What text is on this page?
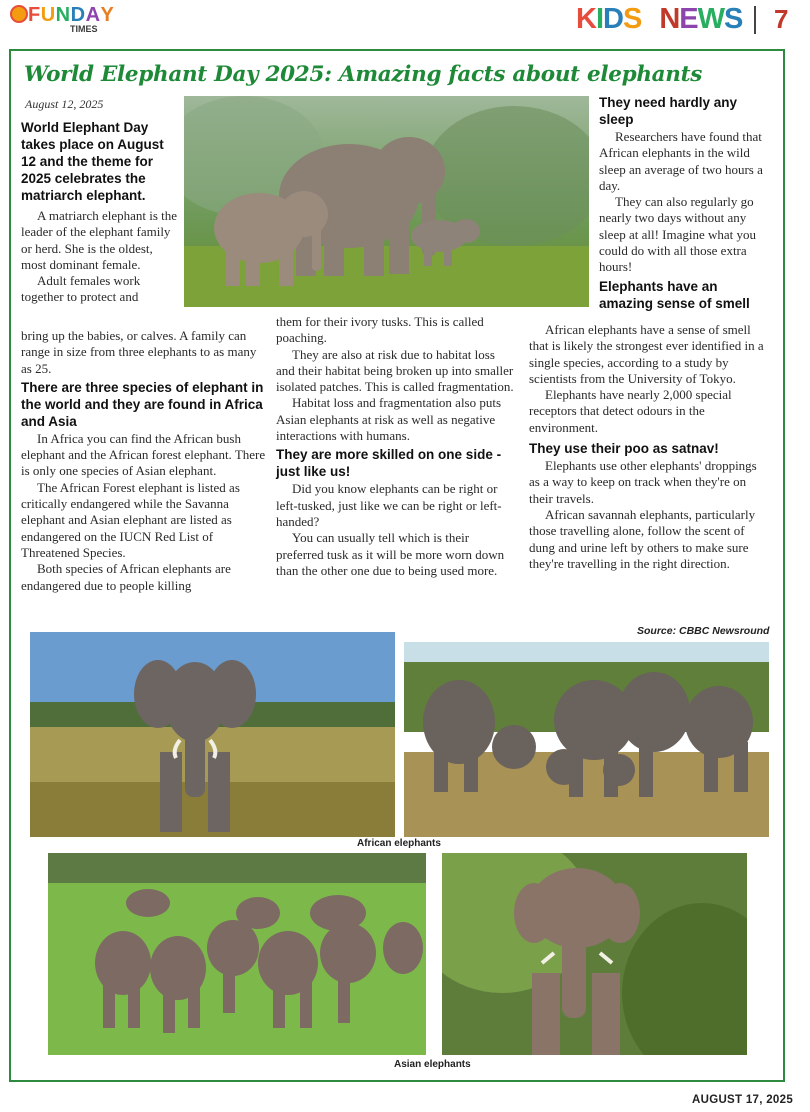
FUNDAY
TIMES	KIDS NEWS 7
World Elephant Day 2025: Amazing facts about elephants
August 12, 2025

World Elephant Day takes place on August 12 and the theme for 2025 celebrates the matriarch elephant.

A matriarch elephant is the leader of the elephant family or herd. She is the oldest, most dominant female.

Adult females work together to protect and

bring up the babies, or calves. A family can range in size from three elephants to as many as 25.

There are three species of elephant in the world and they are found in Africa and Asia

In Africa you can find the African bush elephant and the African forest elephant. There is only one species of Asian elephant.

The African Forest elephant is listed as critically endangered while the Savanna elephant and Asian elephant are listed as endangered on the IUCN Red List of Threatened Species.

Both species of African elephants are endangered due to people killing

them for their ivory tusks. This is called poaching.

They are also at risk due to habitat loss and their habitat being broken up into smaller isolated patches. This is called fragmentation.

Habitat loss and fragmentation also puts Asian elephants at risk as well as negative interactions with humans.

They are more skilled on one side - just like us!

Did you know elephants can be right or left-tusked, just like we can be right or left-handed?

You can usually tell which is their preferred tusk as it will be more worn down than the other one due to being used more.

They need hardly any sleep

Researchers have found that African elephants in the wild sleep an average of two hours a day.

They can also regularly go nearly two days without any sleep at all! Imagine what you could do with all those extra hours!

Elephants have an amazing sense of smell

African elephants have a sense of smell that is likely the strongest ever identified in a single species, according to a study by scientists from the University of Tokyo.

Elephants have nearly 2,000 special receptors that detect odours in the environment.

They use their poo as satnav!

Elephants use other elephants' droppings as a way to keep on track when they're on their travels.

African savannah elephants, particularly those travelling alone, follow the scent of dung and urine left by others to make sure they're travelling in the right direction.

Source: CBBC Newsround
African elephants
Asian elephants
AUGUST 17, 2025
